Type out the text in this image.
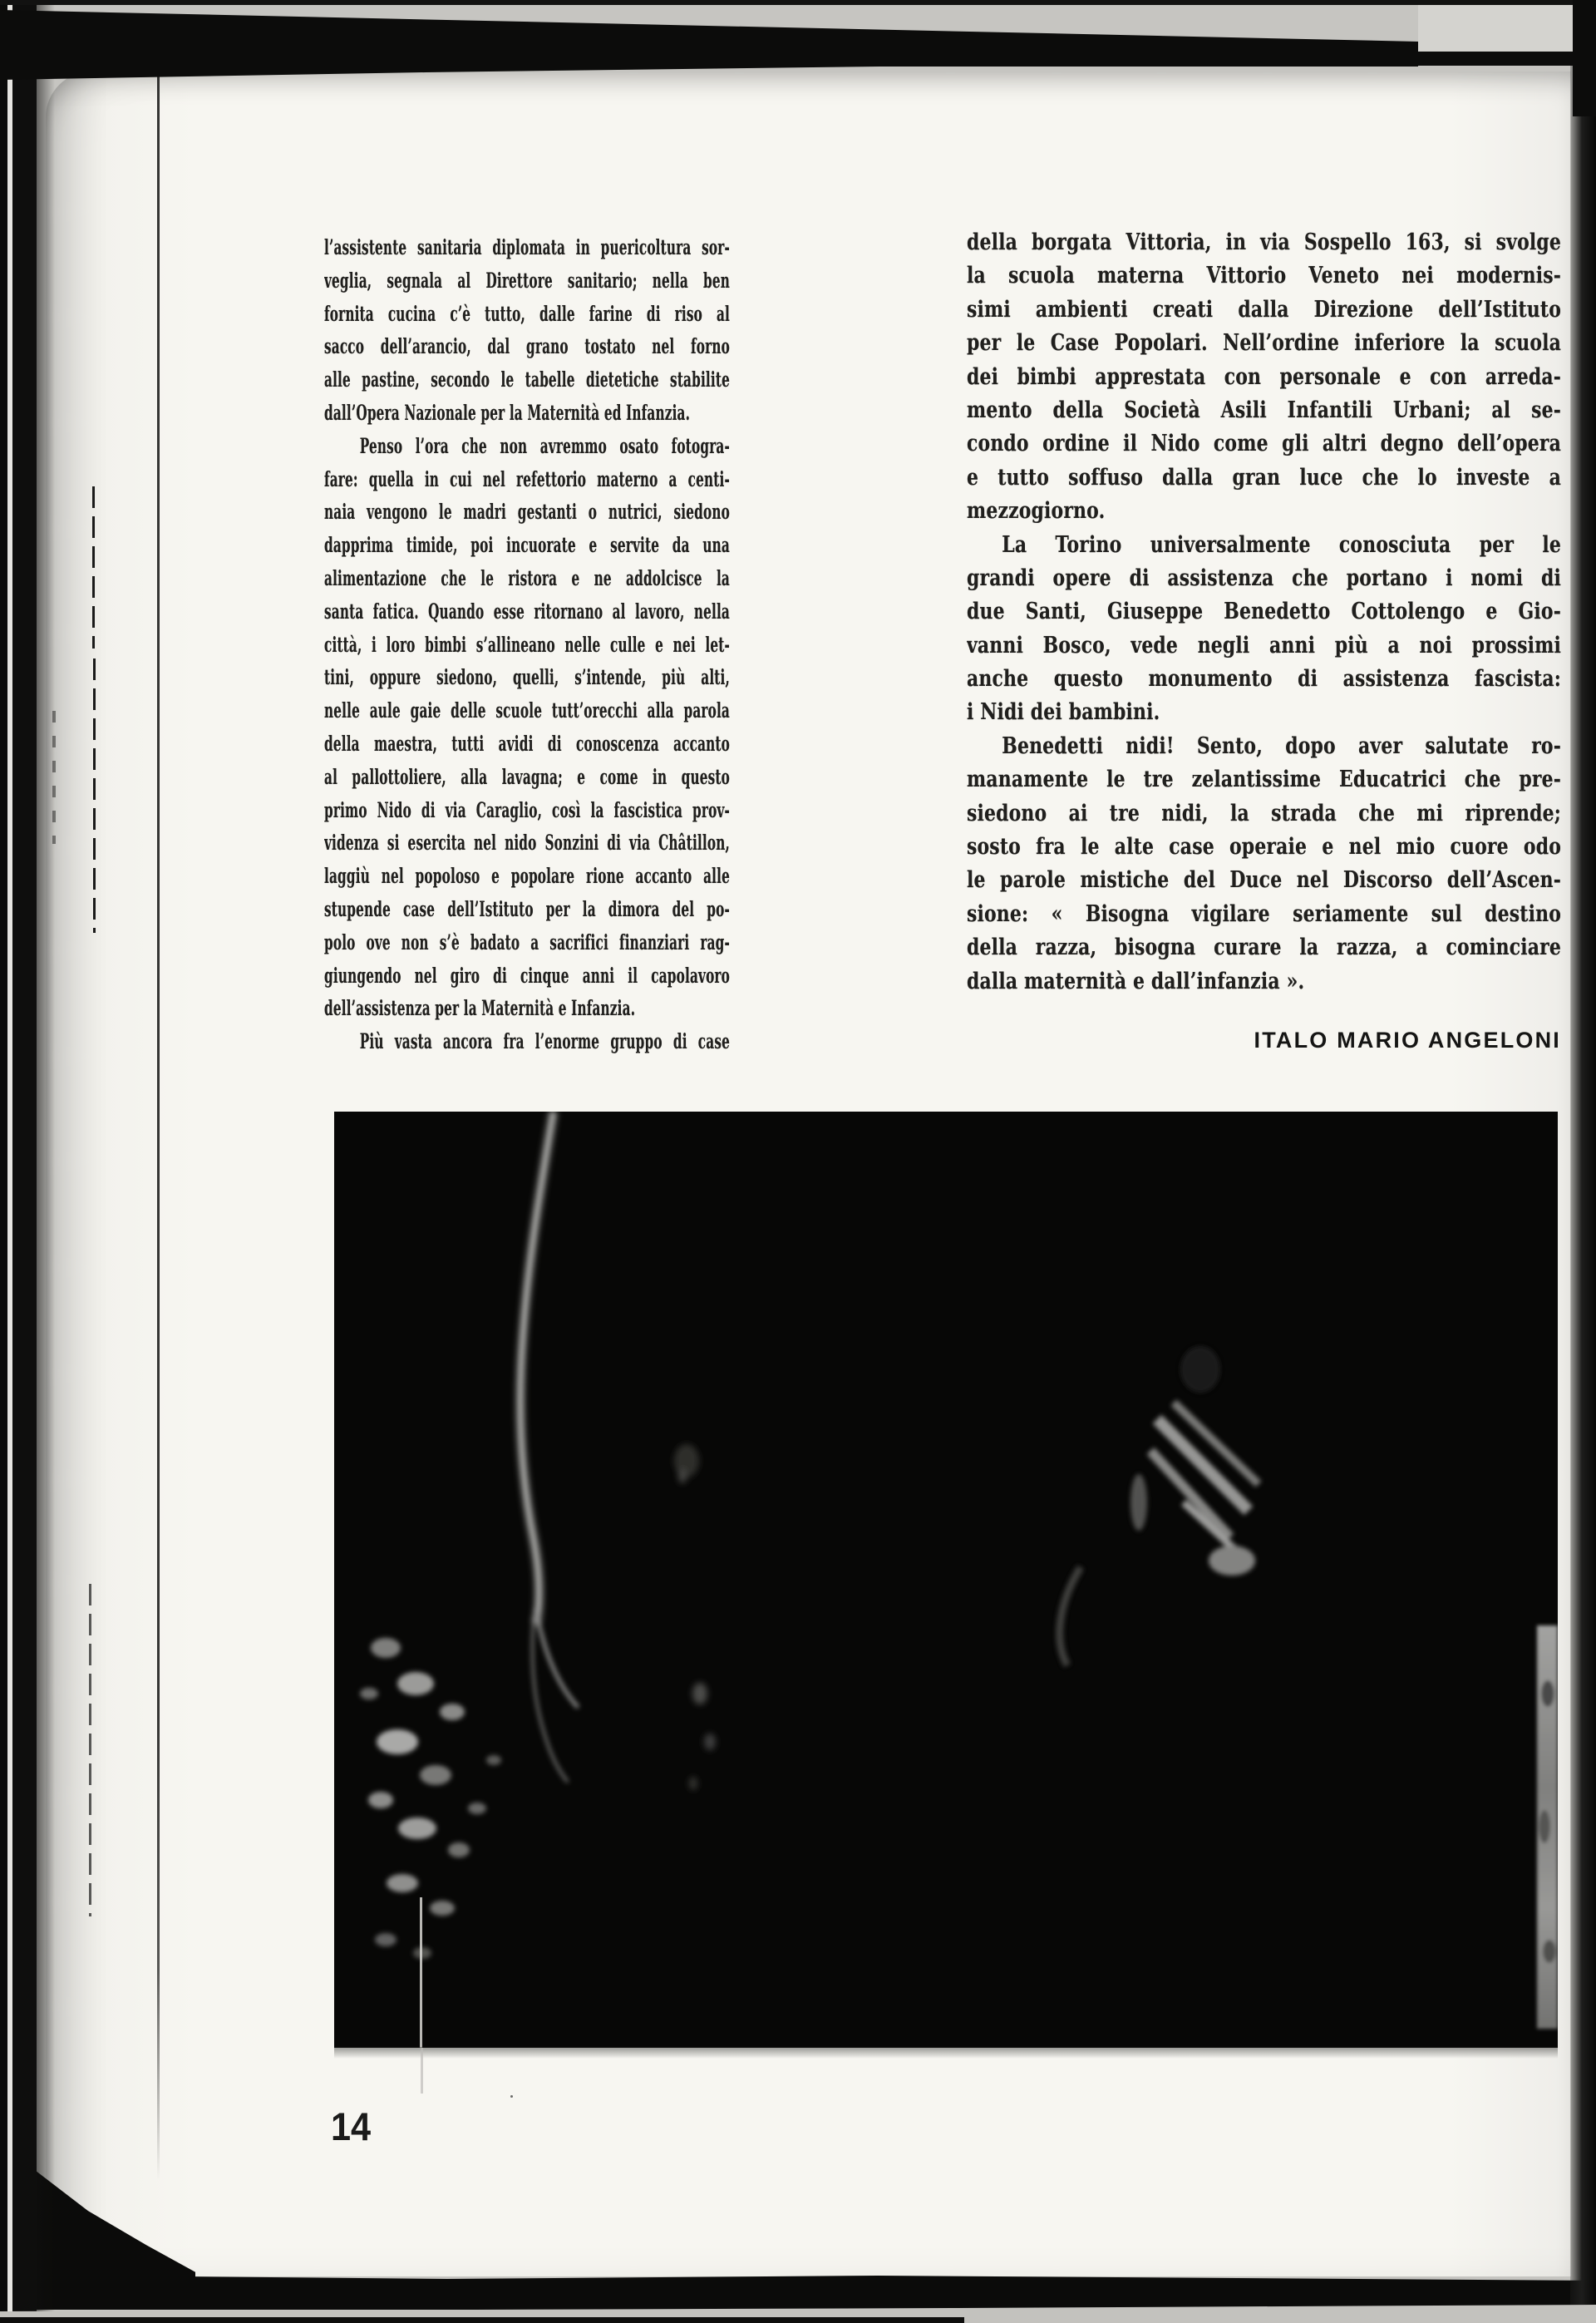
l’assistente sanitaria diplomata in puericoltura sor-
veglia, segnala al Direttore sanitario; nella ben
fornita cucina c’è tutto, dalle farine di riso al
sacco dell’arancio, dal grano tostato nel forno
alle pastine, secondo le tabelle dietetiche stabilite
dall’Opera Nazionale per la Maternità ed Infanzia.
Penso l’ora che non avremmo osato fotogra-
fare: quella in cui nel refettorio materno a centi-
naia vengono le madri gestanti o nutrici, siedono
dapprima timide, poi incuorate e servite da una
alimentazione che le ristora e ne addolcisce la
santa fatica. Quando esse ritornano al lavoro, nella
città, i loro bimbi s’allineano nelle culle e nei let-
tini, oppure siedono, quelli, s’intende, più alti,
nelle aule gaie delle scuole tutt’orecchi alla parola
della maestra, tutti avidi di conoscenza accanto
al pallottoliere, alla lavagna; e come in questo
primo Nido di via Caraglio, così la fascistica prov-
videnza si esercita nel nido Sonzini di via Châtillon,
laggiù nel popoloso e popolare rione accanto alle
stupende case dell’Istituto per la dimora del po-
polo ove non s’è badato a sacrifici finanziari rag-
giungendo nel giro di cinque anni il capolavoro
dell’assistenza per la Maternità e Infanzia.
Più vasta ancora fra l’enorme gruppo di case
della borgata Vittoria, in via Sospello 163, si svolge
la scuola materna Vittorio Veneto nei modernis-
simi ambienti creati dalla Direzione dell’Istituto
per le Case Popolari. Nell’ordine inferiore la scuola
dei bimbi apprestata con personale e con arreda-
mento della Società Asili Infantili Urbani; al se-
condo ordine il Nido come gli altri degno dell’opera
e tutto soffuso dalla gran luce che lo investe a
mezzogiorno.
La Torino universalmente conosciuta per le
grandi opere di assistenza che portano i nomi di
due Santi, Giuseppe Benedetto Cottolengo e Gio-
vanni Bosco, vede negli anni più a noi prossimi
anche questo monumento di assistenza fascista:
i Nidi dei bambini.
Benedetti nidi! Sento, dopo aver salutate ro-
manamente le tre zelantissime Educatrici che pre-
siedono ai tre nidi, la strada che mi riprende;
sosto fra le alte case operaie e nel mio cuore odo
le parole mistiche del Duce nel Discorso dell’Ascen-
sione: « Bisogna vigilare seriamente sul destino
della razza, bisogna curare la razza, a cominciare
dalla maternità e dall’infanzia ».
ITALO MARIO ANGELONI
14
